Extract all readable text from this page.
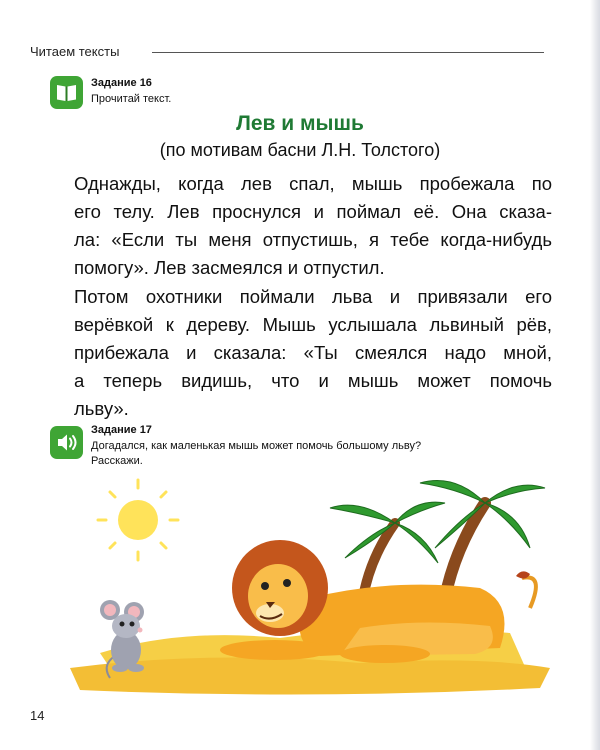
Читаем тексты
Задание 16
Прочитай текст.
Лев и мышь
(по мотивам басни Л.Н. Толстого)
Однажды, когда лев спал, мышь пробежала по
его телу. Лев проснулся и поймал её. Она сказа-
ла: «Если ты меня отпустишь, я тебе когда-нибудь
помогу». Лев засмеялся и отпустил.
Потом охотники поймали льва и привязали его
верёвкой к дереву. Мышь услышала львиный рёв,
прибежала и сказала: «Ты смеялся надо мной,
а теперь видишь, что и мышь может помочь
льву».
Задание 17
Догадался, как маленькая мышь может помочь большому льву?
Расскажи.
14
